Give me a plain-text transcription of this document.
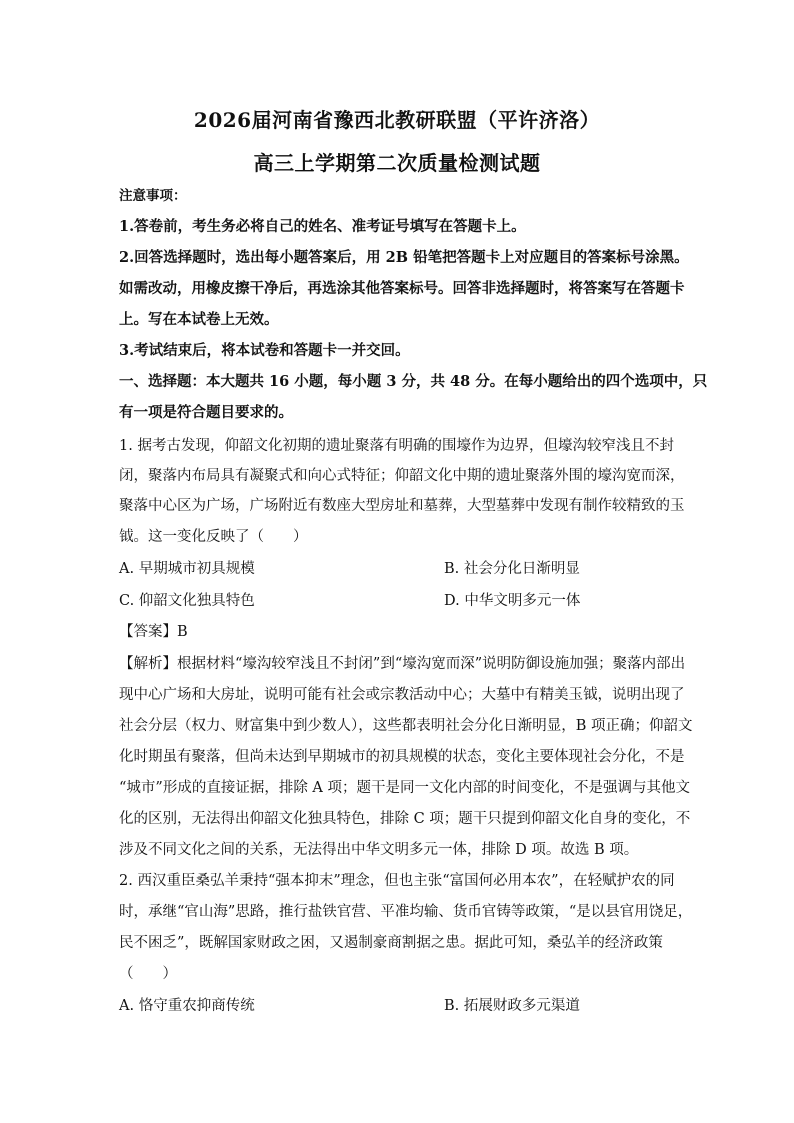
2026届河南省豫西北教研联盟（平许济洛）
高三上学期第二次质量检测试题
注意事项：
1.答卷前，考生务必将自己的姓名、准考证号填写在答题卡上。
2.回答选择题时，选出每小题答案后，用 2B 铅笔把答题卡上对应题目的答案标号涂黑。
如需改动，用橡皮擦干净后，再选涂其他答案标号。回答非选择题时，将答案写在答题卡
上。写在本试卷上无效。
3.考试结束后，将本试卷和答题卡一并交回。
一、选择题：本大题共 16 小题，每小题 3 分，共 48 分。在每小题给出的四个选项中，只
有一项是符合题目要求的。
1. 据考古发现，仰韶文化初期的遗址聚落有明确的围壕作为边界，但壕沟较窄浅且不封
闭，聚落内布局具有凝聚式和向心式特征；仰韶文化中期的遗址聚落外围的壕沟宽而深，
聚落中心区为广场，广场附近有数座大型房址和墓葬，大型墓葬中发现有制作较精致的玉
钺。这一变化反映了（　　）
A. 早期城市初具规模	B. 社会分化日渐明显
C. 仰韶文化独具特色	D. 中华文明多元一体
【答案】B
【解析】根据材料“壕沟较窄浅且不封闭”到“壕沟宽而深”说明防御设施加强；聚落内部出
现中心广场和大房址，说明可能有社会或宗教活动中心；大墓中有精美玉钺，说明出现了
社会分层（权力、财富集中到少数人），这些都表明社会分化日渐明显，B 项正确；仰韶文
化时期虽有聚落，但尚未达到早期城市的初具规模的状态，变化主要体现社会分化，不是
“城市”形成的直接证据，排除 A 项；题干是同一文化内部的时间变化，不是强调与其他文
化的区别，无法得出仰韶文化独具特色，排除 C 项；题干只提到仰韶文化自身的变化，不
涉及不同文化之间的关系，无法得出中华文明多元一体，排除 D 项。故选 B 项。
2. 西汉重臣桑弘羊秉持“强本抑末”理念，但也主张“富国何必用本农”，在轻赋护农的同
时，承继“官山海”思路，推行盐铁官营、平准均输、货币官铸等政策，“是以县官用饶足，
民不困乏”，既解国家财政之困，又遏制豪商割据之患。据此可知，桑弘羊的经济政策
（　　）
A. 恪守重农抑商传统	B. 拓展财政多元渠道
